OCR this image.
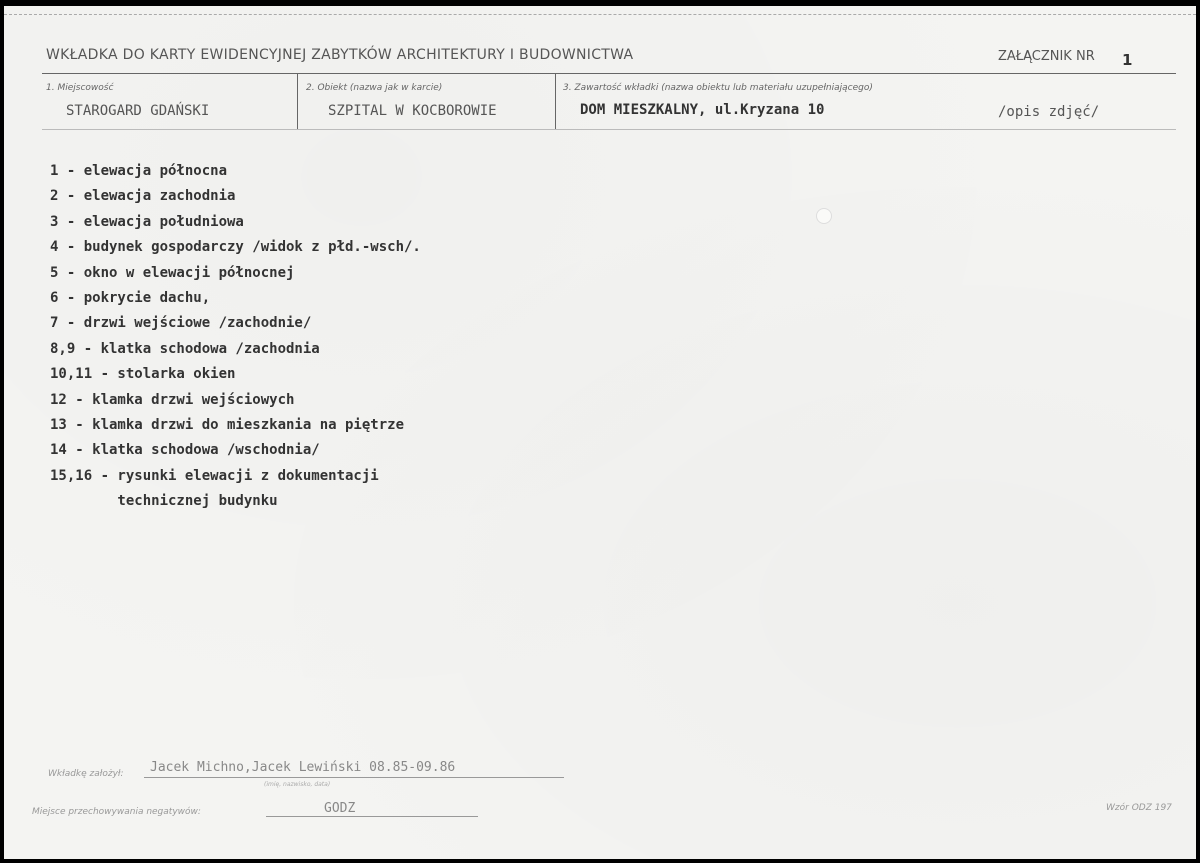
WKŁADKA DO KARTY EWIDENCYJNEJ ZABYTKÓW ARCHITEKTURY I BUDOWNICTWA	ZAŁĄCZNIK NR 1
1. Miejscowość
STAROGARD GDAŃSKI
2. Obiekt (nazwa jak w karcie)
SZPITAL W KOCBOROWIE
3. Zawartość wkładki (nazwa obiektu lub materiału uzupełniającego)
DOM MIESZKALNY, ul.Kryzana 10	/opis zdjęć/
1 - elewacja północna
2 - elewacja zachodnia
3 - elewacja południowa
4 - budynek gospodarczy /widok z płd.-wsch/.
5 - okno w elewacji północnej
6 - pokrycie dachu,
7 - drzwi wejściowe /zachodnie/
8,9 - klatka schodowa /zachodnia
10,11 - stolarka okien
12 - klamka drzwi wejściowych
13 - klamka drzwi do mieszkania na piętrze
14 - klatka schodowa /wschodnia/
15,16 - rysunki elewacji z dokumentacji
technicznej budynku
Wkładkę założył: Jacek Michno,Jacek Lewiński 08.85-09.86
(imię, nazwisko, data)
Miejsce przechowywania negatywów:	GODZ	Wzór ODZ 197
